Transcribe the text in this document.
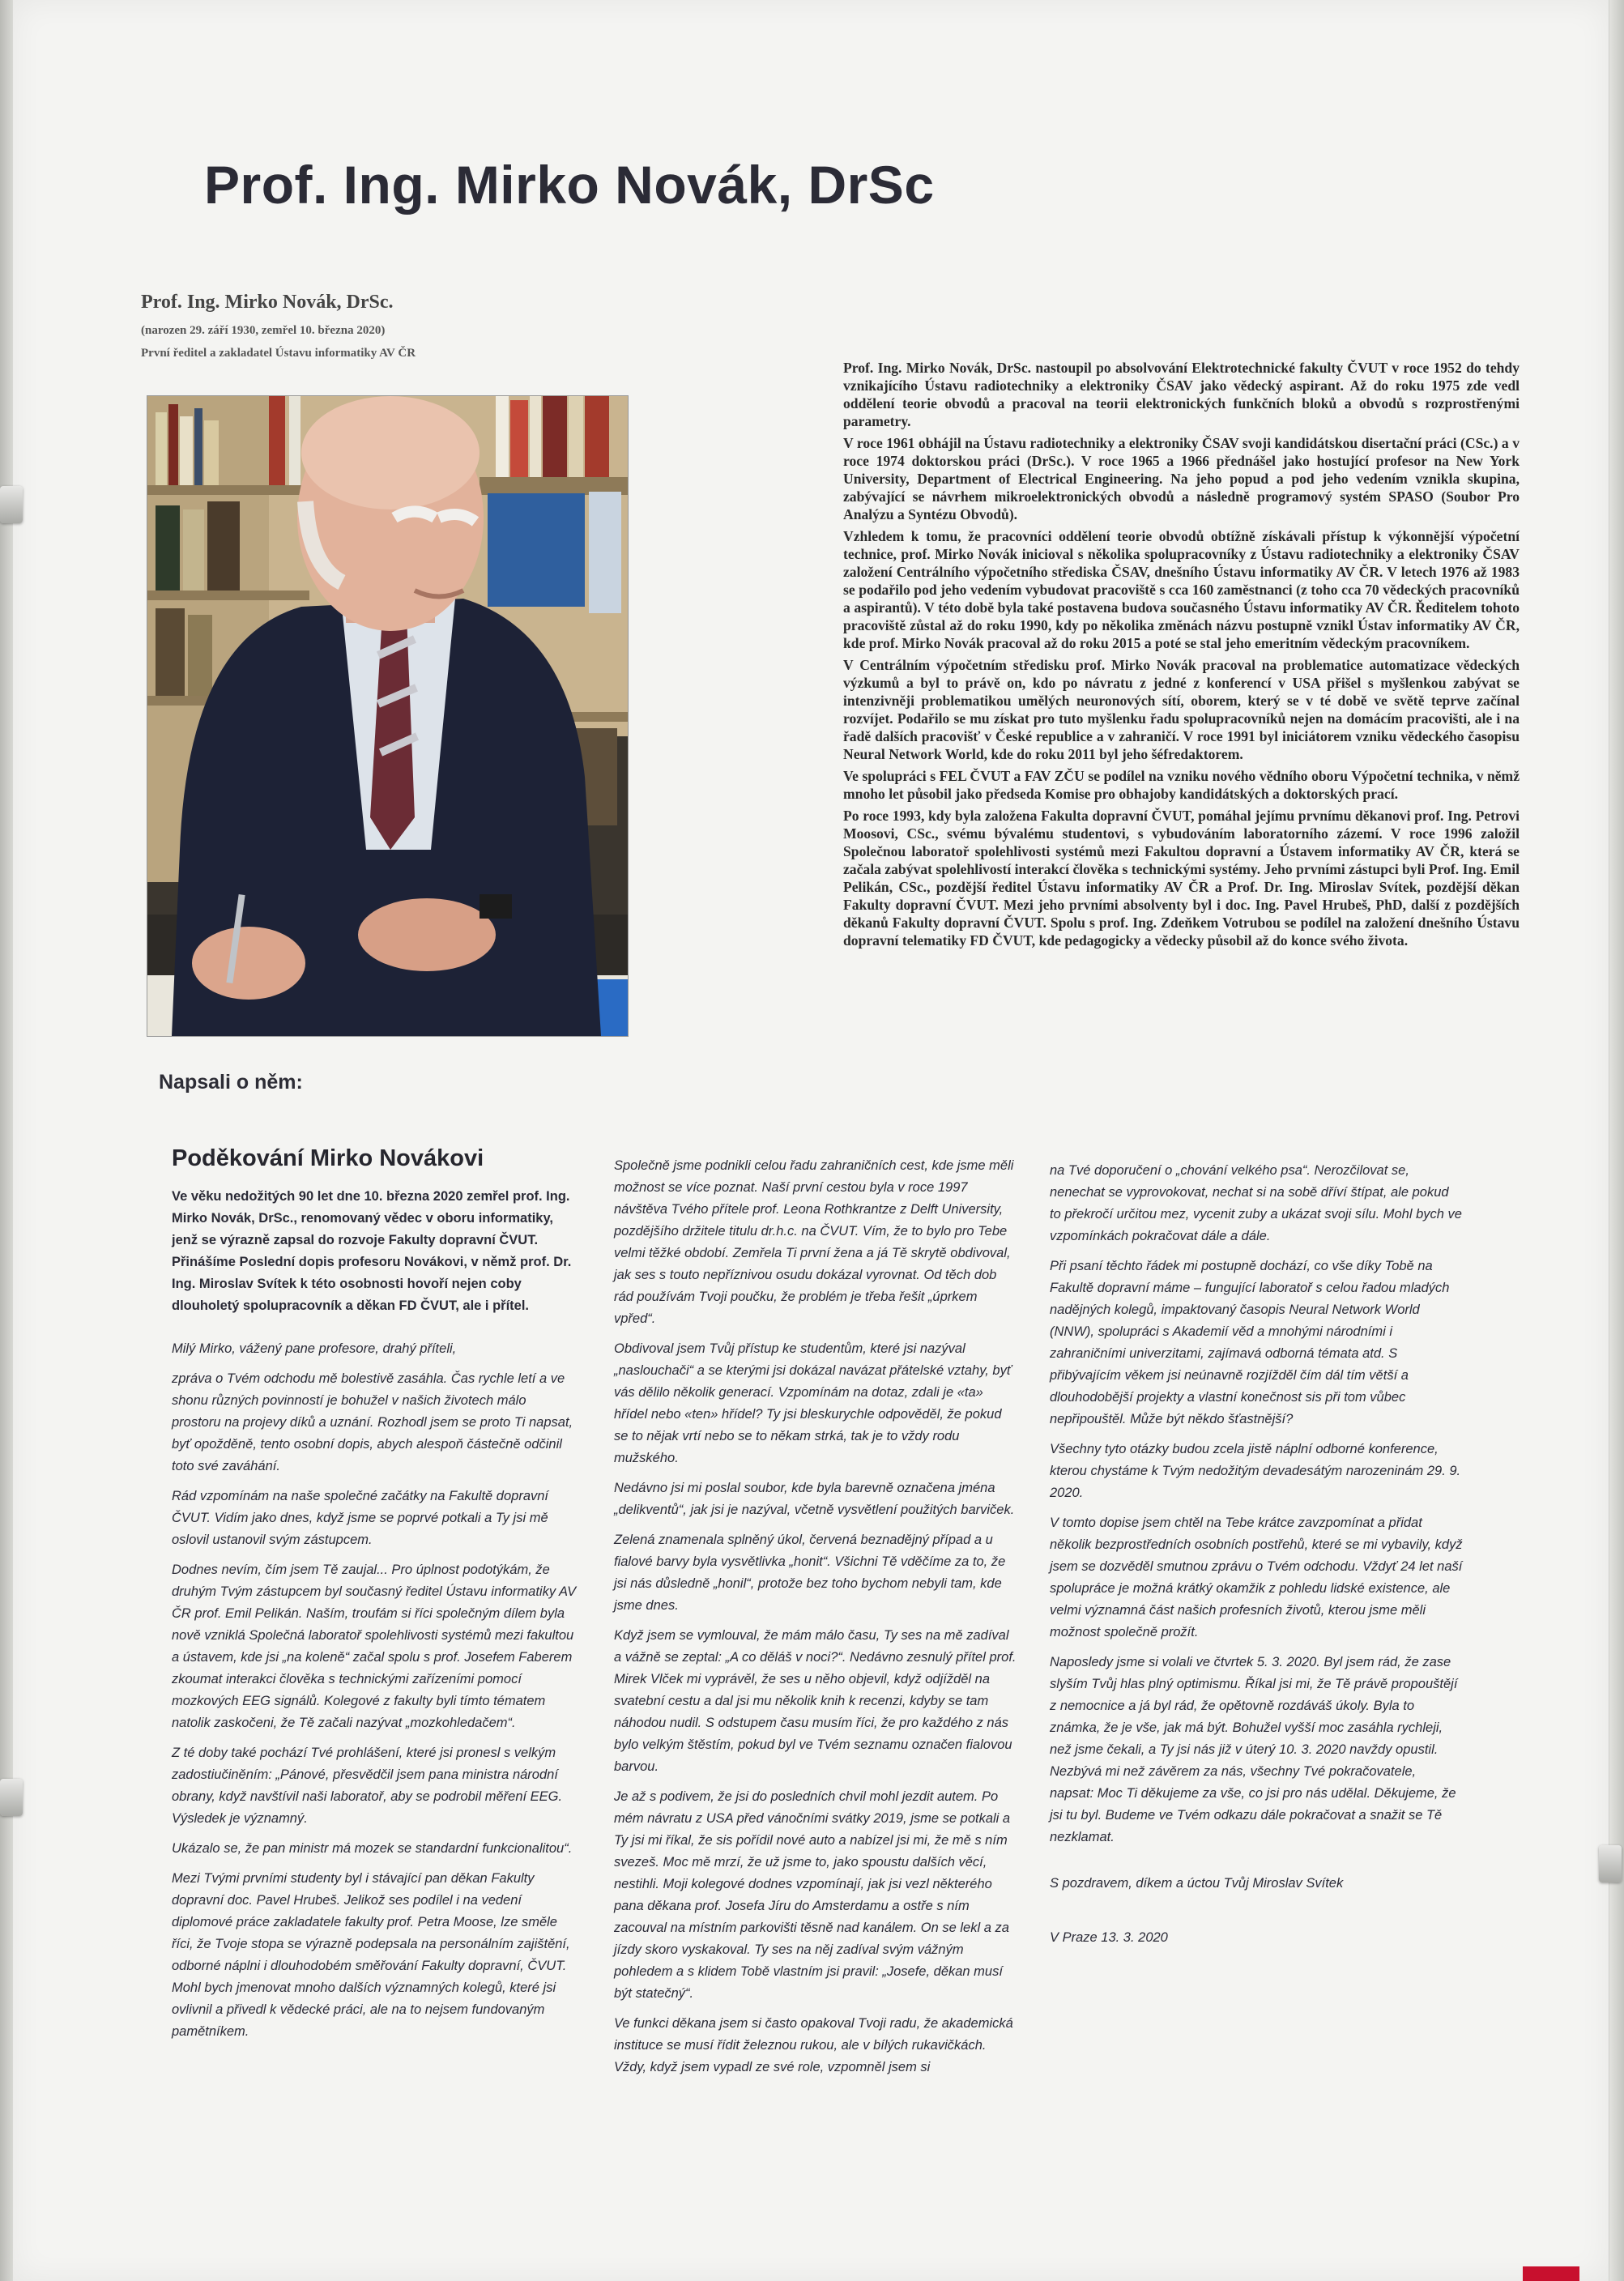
Prof. Ing. Mirko Novák, DrSc
Prof. Ing. Mirko Novák, DrSc.
(narozen 29. září 1930, zemřel 10. března 2020)
První ředitel a zakladatel Ústavu informatiky AV ČR

Prof. Ing. Mirko Novák, DrSc. nastoupil po absolvování Elektrotechnické fakulty ČVUT v roce 1952 do tehdy vznikajícího Ústavu radiotechniky a elektroniky ČSAV jako vědecký aspirant. Až do roku 1975 zde vedl oddělení teorie obvodů a pracoval na teorii elektronických funkčních bloků a obvodů s rozprostřenými parametry.

V roce 1961 obhájil na Ústavu radiotechniky a elektroniky ČSAV svoji kandidátskou disertační práci (CSc.) a v roce 1974 doktorskou práci (DrSc.). V roce 1965 a 1966 přednášel jako hostující profesor na New York University, Department of Electrical Engineering. Na jeho popud a pod jeho vedením vznikla skupina, zabývající se návrhem mikroelektronických obvodů a následně programový systém SPASO (Soubor Pro Analýzu a Syntézu Obvodů).

Vzhledem k tomu, že pracovníci oddělení teorie obvodů obtížně získávali přístup k výkonnější výpočetní technice, prof. Mirko Novák inicioval s několika spolupracovníky z Ústavu radiotechniky a elektroniky ČSAV založení Centrálního výpočetního střediska ČSAV, dnešního Ústavu informatiky AV ČR. V letech 1976 až 1983 se podařilo pod jeho vedením vybudovat pracoviště s cca 160 zaměstnanci (z toho cca 70 vědeckých pracovníků a aspirantů). V této době byla také postavena budova současného Ústavu informatiky AV ČR. Ředitelem tohoto pracoviště zůstal až do roku 1990, kdy po několika změnách názvu postupně vznikl Ústav informatiky AV ČR, kde prof. Mirko Novák pracoval až do roku 2015 a poté se stal jeho emeritním vědeckým pracovníkem.

V Centrálním výpočetním středisku prof. Mirko Novák pracoval na problematice automatizace vědeckých výzkumů a byl to právě on, kdo po návratu z jedné z konferencí v USA přišel s myšlenkou zabývat se intenzivněji problematikou umělých neuronových sítí, oborem, který se v té době ve světě teprve začínal rozvíjet. Podařilo se mu získat pro tuto myšlenku řadu spolupracovníků nejen na domácím pracovišti, ale i na řadě dalších pracovišť v České republice a v zahraničí. V roce 1991 byl iniciátorem vzniku vědeckého časopisu Neural Network World, kde do roku 2011 byl jeho šéfredaktorem.

Ve spolupráci s FEL ČVUT a FAV ZČU se podílel na vzniku nového vědního oboru Výpočetní technika, v němž mnoho let působil jako předseda Komise pro obhajoby kandidátských a doktorských prací.

Po roce 1993, kdy byla založena Fakulta dopravní ČVUT, pomáhal jejímu prvnímu děkanovi prof. Ing. Petrovi Moosovi, CSc., svému bývalému studentovi, s vybudováním laboratorního zázemí. V roce 1996 založil Společnou laboratoř spolehlivosti systémů mezi Fakultou dopravní a Ústavem informatiky AV ČR, která se začala zabývat spolehlivostí interakcí člověka s technickými systémy. Jeho prvními zástupci byli Prof. Ing. Emil Pelikán, CSc., pozdější ředitel Ústavu informatiky AV ČR a Prof. Dr. Ing. Miroslav Svítek, pozdější děkan Fakulty dopravní ČVUT. Mezi jeho prvními absolventy byl i doc. Ing. Pavel Hrubeš, PhD, další z pozdějších děkanů Fakulty dopravní ČVUT. Spolu s prof. Ing. Zdeňkem Votrubou se podílel na založení dnešního Ústavu dopravní telematiky FD ČVUT, kde pedagogicky a vědecky působil až do konce svého života.

Napsali o něm:
Poděkování Mirko Novákovi

Ve věku nedožitých 90 let dne 10. března 2020 zemřel prof. Ing. Mirko Novák, DrSc., renomovaný vědec v oboru informatiky, jenž se výrazně zapsal do rozvoje Fakulty dopravní ČVUT. Přinášíme Poslední dopis profesoru Novákovi, v němž prof. Dr. Ing. Miroslav Svítek k této osobnosti hovoří nejen coby dlouholetý spolupracovník a děkan FD ČVUT, ale i přítel.

Milý Mirko, vážený pane profesore, drahý příteli,

zpráva o Tvém odchodu mě bolestivě zasáhla. Čas rychle letí a ve shonu různých povinností je bohužel v našich životech málo prostoru na projevy díků a uznání. Rozhodl jsem se proto Ti napsat, byť opožděně, tento osobní dopis, abych alespoň částečně odčinil toto své zaváhání.

Rád vzpomínám na naše společné začátky na Fakultě dopravní ČVUT. Vidím jako dnes, když jsme se poprvé potkali a Ty jsi mě oslovil ustanovil svým zástupcem.

Dodnes nevím, čím jsem Tě zaujal... Pro úplnost podotýkám, že druhým Tvým zástupcem byl současný ředitel Ústavu informatiky AV ČR prof. Emil Pelikán. Naším, troufám si říci společným dílem byla nově vzniklá Společná laboratoř spolehlivosti systémů mezi fakultou a ústavem, kde jsi „na koleně“ začal spolu s prof. Josefem Faberem zkoumat interakci člověka s technickými zařízeními pomocí mozkových EEG signálů. Kolegové z fakulty byli tímto tématem natolik zaskočeni, že Tě začali nazývat „mozkohledačem“.

Z té doby také pochází Tvé prohlášení, které jsi pronesl s velkým zadostiučiněním: „Pánové, přesvědčil jsem pana ministra národní obrany, když navštívil naši laboratoř, aby se podrobil měření EEG. Výsledek je významný.

Ukázalo se, že pan ministr má mozek se standardní funkcionalitou“.

Mezi Tvými prvními studenty byl i stávající pan děkan Fakulty dopravní doc. Pavel Hrubeš. Jelikož ses podílel i na vedení diplomové práce zakladatele fakulty prof. Petra Moose, lze směle říci, že Tvoje stopa se výrazně podepsala na personálním zajištění, odborné náplni i dlouhodobém směřování Fakulty dopravní, ČVUT. Mohl bych jmenovat mnoho dalších významných kolegů, které jsi ovlivnil a přivedl k vědecké práci, ale na to nejsem fundovaným pamětníkem.

Společně jsme podnikli celou řadu zahraničních cest, kde jsme měli možnost se více poznat. Naší první cestou byla v roce 1997 návštěva Tvého přítele prof. Leona Rothkrantze z Delft University, pozdějšího držitele titulu dr.h.c. na ČVUT. Vím, že to bylo pro Tebe velmi těžké období. Zemřela Ti první žena a já Tě skrytě obdivoval, jak ses s touto nepříznivou osudu dokázal vyrovnat. Od těch dob rád používám Tvoji poučku, že problém je třeba řešit „úprkem vpřed“.

Obdivoval jsem Tvůj přístup ke studentům, které jsi nazýval „naslouchači“ a se kterými jsi dokázal navázat přátelské vztahy, byť vás dělilo několik generací. Vzpomínám na dotaz, zdali je «ta» hřídel nebo «ten» hřídel? Ty jsi bleskurychle odpověděl, že pokud se to nějak vrtí nebo se to někam strká, tak je to vždy rodu mužského.

Nedávno jsi mi poslal soubor, kde byla barevně označena jména „delikventů“, jak jsi je nazýval, včetně vysvětlení použitých barviček.

Zelená znamenala splněný úkol, červená beznadějný případ a u fialové barvy byla vysvětlivka „honit“. Všichni Tě vděčíme za to, že jsi nás důsledně „honil“, protože bez toho bychom nebyli tam, kde jsme dnes.

Když jsem se vymlouval, že mám málo času, Ty ses na mě zadíval a vážně se zeptal: „A co děláš v noci?“. Nedávno zesnulý přítel prof. Mirek Vlček mi vyprávěl, že ses u něho objevil, když odjížděl na svatební cestu a dal jsi mu několik knih k recenzi, kdyby se tam náhodou nudil. S odstupem času musím říci, že pro každého z nás bylo velkým štěstím, pokud byl ve Tvém seznamu označen fialovou barvou.

Je až s podivem, že jsi do posledních chvil mohl jezdit autem. Po mém návratu z USA před vánočními svátky 2019, jsme se potkali a Ty jsi mi říkal, že sis pořídil nové auto a nabízel jsi mi, že mě s ním svezeš. Moc mě mrzí, že už jsme to, jako spoustu dalších věcí, nestihli. Moji kolegové dodnes vzpomínají, jak jsi vezl některého pana děkana prof. Josefa Jíru do Amsterdamu a ostře s ním zacouval na místním parkovišti těsně nad kanálem. On se lekl a za jízdy skoro vyskakoval. Ty ses na něj zadíval svým vážným pohledem a s klidem Tobě vlastním jsi pravil: „Josefe, děkan musí být statečný“.

Ve funkci děkana jsem si často opakoval Tvoji radu, že akademická instituce se musí řídit železnou rukou, ale v bílých rukavičkách. Vždy, když jsem vypadl ze své role, vzpomněl jsem si

na Tvé doporučení o „chování velkého psa“. Nerozčilovat se, nenechat se vyprovokovat, nechat si na sobě dříví štípat, ale pokud to překročí určitou mez, vycenit zuby a ukázat svoji sílu. Mohl bych ve vzpomínkách pokračovat dále a dále.

Při psaní těchto řádek mi postupně dochází, co vše díky Tobě na Fakultě dopravní máme – fungující laboratoř s celou řadou mladých nadějných kolegů, impaktovaný časopis Neural Network World (NNW), spolupráci s Akademií věd a mnohými národními i zahraničními univerzitami, zajímavá odborná témata atd. S přibývajícím věkem jsi neúnavně rozjížděl čím dál tím větší a dlouhodobější projekty a vlastní konečnost sis při tom vůbec nepřipouštěl. Může být někdo šťastnější?

Všechny tyto otázky budou zcela jistě náplní odborné konference, kterou chystáme k Tvým nedožitým devadesátým narozeninám 29. 9. 2020.

V tomto dopise jsem chtěl na Tebe krátce zavzpomínat a přidat několik bezprostředních osobních postřehů, které se mi vybavily, když jsem se dozvěděl smutnou zprávu o Tvém odchodu. Vždyť 24 let naší spolupráce je možná krátký okamžik z pohledu lidské existence, ale velmi významná část našich profesních životů, kterou jsme měli možnost společně prožít.

Naposledy jsme si volali ve čtvrtek 5. 3. 2020. Byl jsem rád, že zase slyším Tvůj hlas plný optimismu. Říkal jsi mi, že Tě právě propouštějí z nemocnice a já byl rád, že opětovně rozdáváš úkoly. Byla to známka, že je vše, jak má být. Bohužel vyšší moc zasáhla rychleji, než jsme čekali, a Ty jsi nás již v úterý 10. 3. 2020 navždy opustil. Nezbývá mi než závěrem za nás, všechny Tvé pokračovatele, napsat: Moc Ti děkujeme za vše, co jsi pro nás udělal. Děkujeme, že jsi tu byl. Budeme ve Tvém odkazu dále pokračovat a snažit se Tě nezklamat.

S pozdravem, díkem a úctou Tvůj Miroslav Svítek

V Praze 13. 3. 2020
